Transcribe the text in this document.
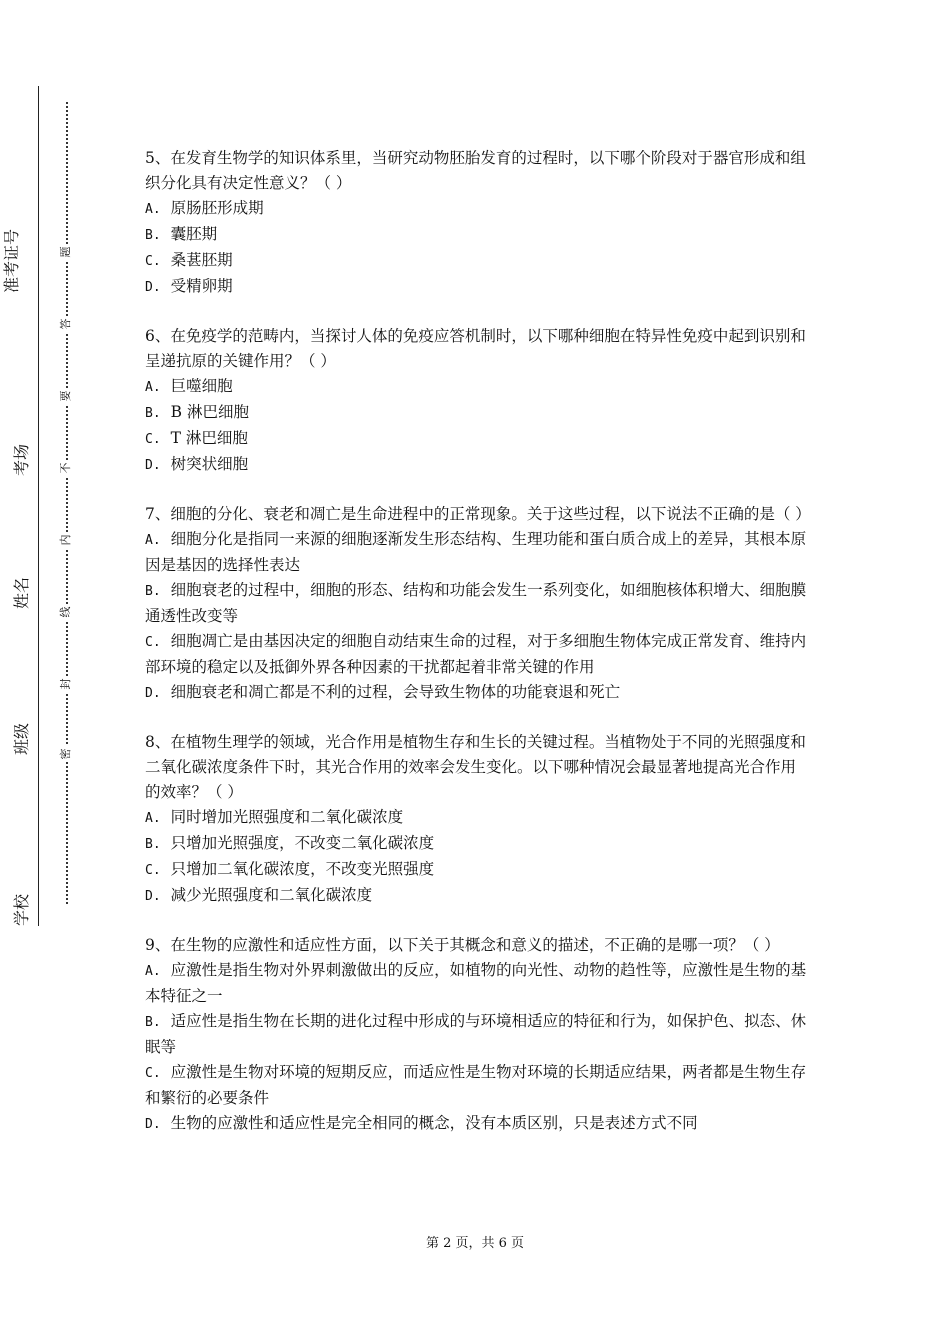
准考证号
考场
姓名
班级
学校
题
答
要
不
内
线
封
密

5、在发育生物学的知识体系里，当研究动物胚胎发育的过程时，以下哪个阶段对于器官形成和组织分化具有决定性意义？（ ）

A. 原肠胚形成期

B. 囊胚期

C. 桑葚胚期

D. 受精卵期

6、在免疫学的范畴内，当探讨人体的免疫应答机制时，以下哪种细胞在特异性免疫中起到识别和呈递抗原的关键作用？（ ）

A. 巨噬细胞

B. B 淋巴细胞

C. T 淋巴细胞

D. 树突状细胞

7、细胞的分化、衰老和凋亡是生命进程中的正常现象。关于这些过程，以下说法不正确的是（ ）

A. 细胞分化是指同一来源的细胞逐渐发生形态结构、生理功能和蛋白质合成上的差异，其根本原因是基因的选择性表达

B. 细胞衰老的过程中，细胞的形态、结构和功能会发生一系列变化，如细胞核体积增大、细胞膜通透性改变等

C. 细胞凋亡是由基因决定的细胞自动结束生命的过程，对于多细胞生物体完成正常发育、维持内部环境的稳定以及抵御外界各种因素的干扰都起着非常关键的作用

D. 细胞衰老和凋亡都是不利的过程，会导致生物体的功能衰退和死亡

8、在植物生理学的领域，光合作用是植物生存和生长的关键过程。当植物处于不同的光照强度和二氧化碳浓度条件下时，其光合作用的效率会发生变化。以下哪种情况会最显著地提高光合作用的效率？（ ）

A. 同时增加光照强度和二氧化碳浓度

B. 只增加光照强度，不改变二氧化碳浓度

C. 只增加二氧化碳浓度，不改变光照强度

D. 减少光照强度和二氧化碳浓度

9、在生物的应激性和适应性方面，以下关于其概念和意义的描述，不正确的是哪一项？（ ）

A. 应激性是指生物对外界刺激做出的反应，如植物的向光性、动物的趋性等，应激性是生物的基本特征之一

B. 适应性是指生物在长期的进化过程中形成的与环境相适应的特征和行为，如保护色、拟态、休眠等

C. 应激性是生物对环境的短期反应，而适应性是生物对环境的长期适应结果，两者都是生物生存和繁衍的必要条件

D. 生物的应激性和适应性是完全相同的概念，没有本质区别，只是表述方式不同

第 2 页，共 6 页
